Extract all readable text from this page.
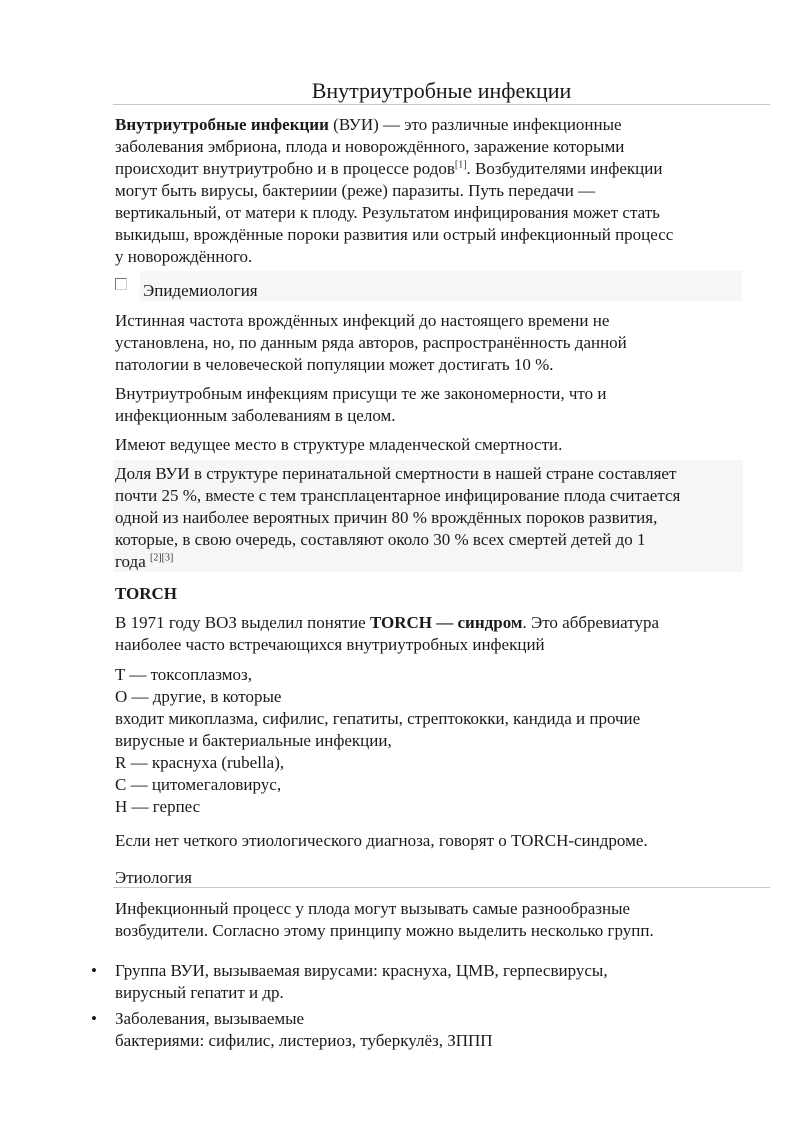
Внутриутробные инфекции
Внутриутробные инфекции (ВУИ) — это различные инфекционные
заболевания эмбриона, плода и новорождённого, заражение которыми
происходит внутриутробно и в процессе родов[1]. Возбудителями инфекции
могут быть вирусы, бактериии (реже) паразиты. Путь передачи —
вертикальный, от матери к плоду. Результатом инфицирования может стать
выкидыш, врождённые пороки развития или острый инфекционный процесс
у новорождённого.
Эпидемиология
Истинная частота врождённых инфекций до настоящего времени не
установлена, но, по данным ряда авторов, распространённость данной
патологии в человеческой популяции может достигать 10 %.
Внутриутробным инфекциям присущи те же закономерности, что и
инфекционным заболеваниям в целом.
Имеют ведущее место в структуре младенческой смертности.
Доля ВУИ в структуре перинатальной смертности в нашей стране составляет
почти 25 %, вместе с тем трансплацентарное инфицирование плода считается
одной из наиболее вероятных причин 80 % врождённых пороков развития,
которые, в свою очередь, составляют около 30 % всех смертей детей до 1
года [2][3]
TORCH
В 1971 году ВОЗ выделил понятие TORCH — синдром. Это аббревиатура
наиболее часто встречающихся внутриутробных инфекций
T — токсоплазмоз,
O — другие, в которые
входит микоплазма, сифилис, гепатиты, стрептококки, кандида и прочие
вирусные и бактериальные инфекции,
R — краснуха (rubella),
C — цитомегаловирус,
H — герпес
Если нет четкого этиологического диагноза, говорят о TORCH-синдроме.
Этиология
Инфекционный процесс у плода могут вызывать самые разнообразные
возбудители. Согласно этому принципу можно выделить несколько групп.
• Группа ВУИ, вызываемая вирусами: краснуха, ЦМВ, герпесвирусы,
вирусный гепатит и др.
• Заболевания, вызываемые
бактериями: сифилис, листериоз, туберкулёз, ЗППП
